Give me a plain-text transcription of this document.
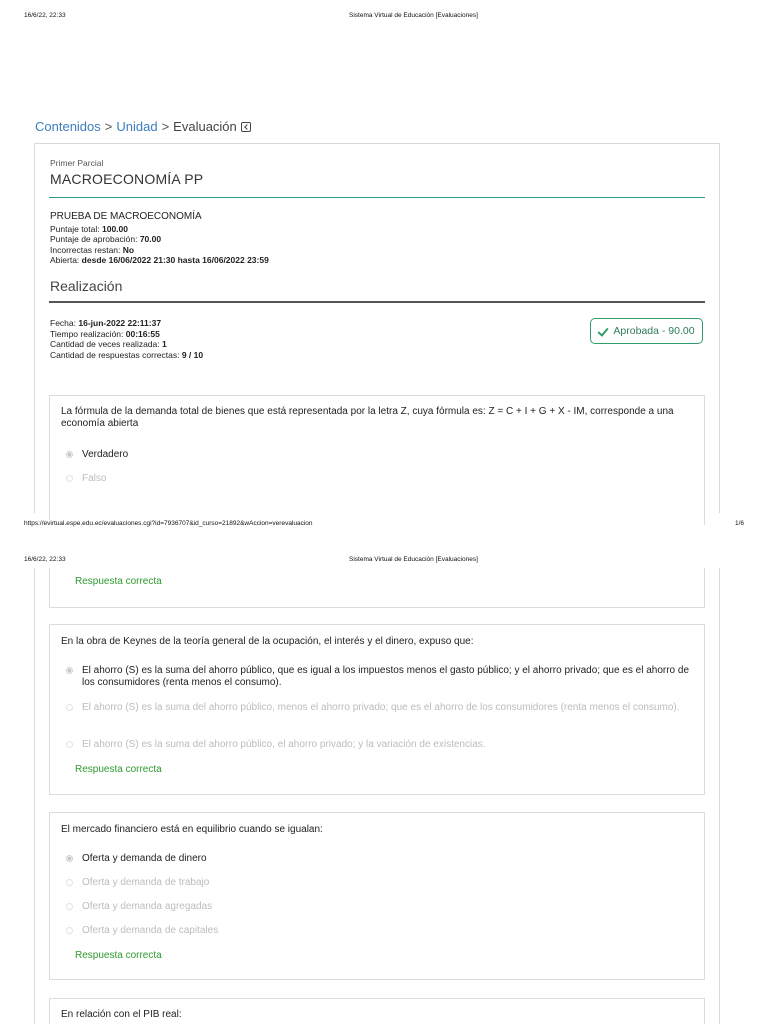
16/6/22, 22:33	Sistema Virtual de Educación [Evaluaciones]
Contenidos > Unidad > Evaluación
Primer Parcial
MACROECONOMÍA PP
PRUEBA DE MACROECONOMÍA
Puntaje total: 100.00
Puntaje de aprobación: 70.00
Incorrectas restan: No
Abierta: desde 16/06/2022 21:30 hasta 16/06/2022 23:59
Realización
Fecha: 16-jun-2022 22:11:37
Tiempo realización: 00:16:55
Cantidad de veces realizada: 1
Cantidad de respuestas correctas: 9 / 10
Aprobada - 90.00
La fórmula de la demanda total de bienes que está representada por la letra Z, cuya fórmula es: Z = C + I + G + X - IM, corresponde a una economía abierta
Verdadero
Falso
https://evirtual.espe.edu.ec/evaluaciones.cgi?id=7936707&id_curso=21892&wAccion=verevaluacion	1/6
16/6/22, 22:33	Sistema Virtual de Educación [Evaluaciones]
Respuesta correcta
En la obra de Keynes de la teoría general de la ocupación, el interés y el dinero, expuso que:
El ahorro (S) es la suma del ahorro público, que es igual a los impuestos menos el gasto público; y el ahorro privado; que es el ahorro de los consumidores (renta menos el consumo).
El ahorro (S) es la suma del ahorro público, menos el ahorro privado; que es el ahorro de los consumidores (renta menos el consumo).
El ahorro (S) es la suma del ahorro público, el ahorro privado; y la variación de existencias.
Respuesta correcta
El mercado financiero está en equilibrio cuando se igualan:
Oferta y demanda de dinero
Oferta y demanda de trabajo
Oferta y demanda agregadas
Oferta y demanda de capitales
Respuesta correcta
En relación con el PIB real:
